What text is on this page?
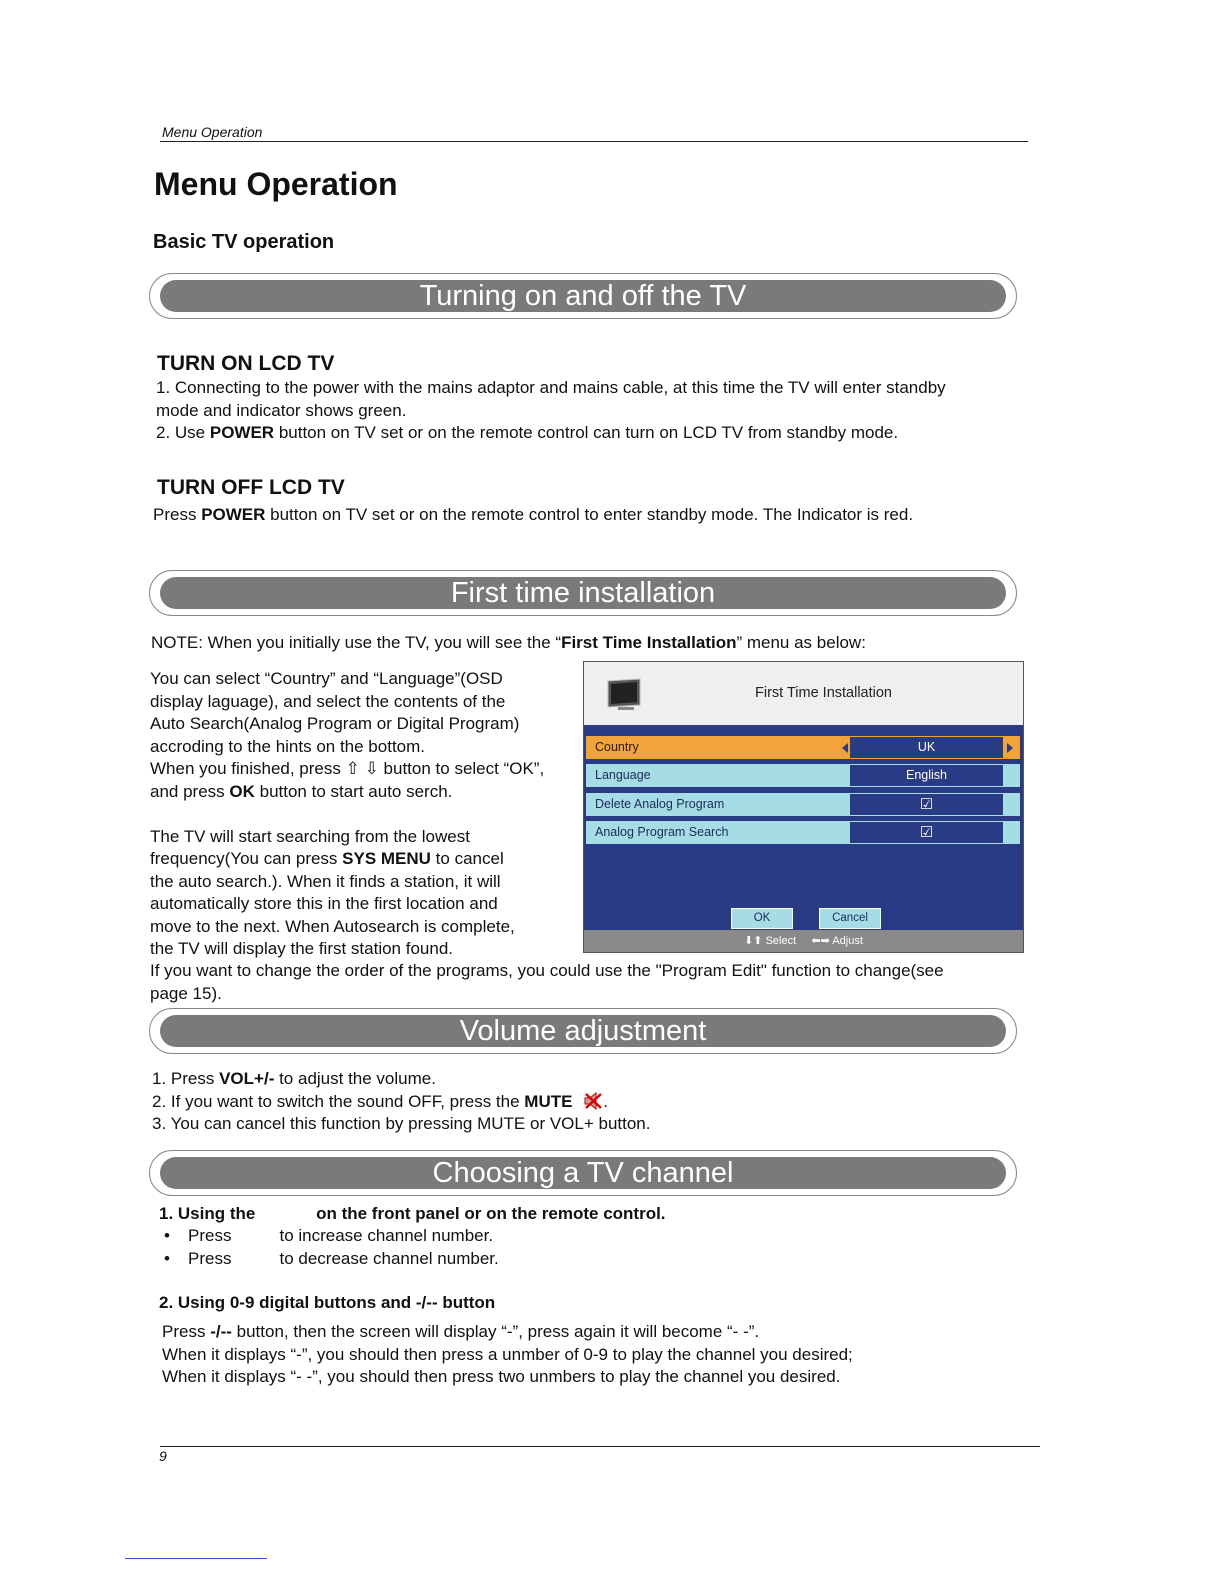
Menu Operation
Menu Operation
Basic TV operation
Turning on and off the TV
TURN ON LCD TV
1. Connecting to the power with the mains adaptor and mains cable, at this time the TV will enter standby
mode and indicator shows green.
2. Use POWER button on TV set or on the remote control can turn on LCD TV from standby mode.
TURN OFF LCD TV
Press POWER button on TV set or on the remote control to enter standby mode. The Indicator is red.
First time installation
NOTE: When you initially use the TV, you will see the “First Time Installation” menu as below:
You can select “Country” and “Language”(OSD
display laguage), and select the contents of the
Auto Search(Analog Program or Digital Program)
accroding to the hints on the bottom.
When you finished, press ⇧ ⇩ button to select “OK”,
and press OK button to start auto serch.
The TV will start searching from the lowest
frequency(You can press SYS MENU to cancel
the auto search.). When it finds a station, it will
automatically store this in the first location and
move to the next. When Autosearch is complete,
the TV will display the first station found.
If you want to change the order of the programs, you could use the "Program Edit" function to change(see
page 15).
First Time Installation
Country	UK
Language	English
Delete Analog Program	☑
Analog Program Search	☑
OK	Cancel
⬇⬆ Select ⬅➡ Adjust
Volume adjustment
1. Press VOL+/- to adjust the volume.
2. If you want to switch the sound OFF, press the MUTE .
3. You can cancel this function by pressing MUTE or VOL+ button.
Choosing a TV channel
1. Using the	on the front panel or on the remote control.
• Press	to increase channel number.
• Press	to decrease channel number.
2. Using 0-9 digital buttons and -/-- button
Press -/-- button, then the screen will display “-”, press again it will become “- -”.
When it displays “-”, you should then press a unmber of 0-9 to play the channel you desired;
When it displays “- -”, you should then press two unmbers to play the channel you desired.
9
